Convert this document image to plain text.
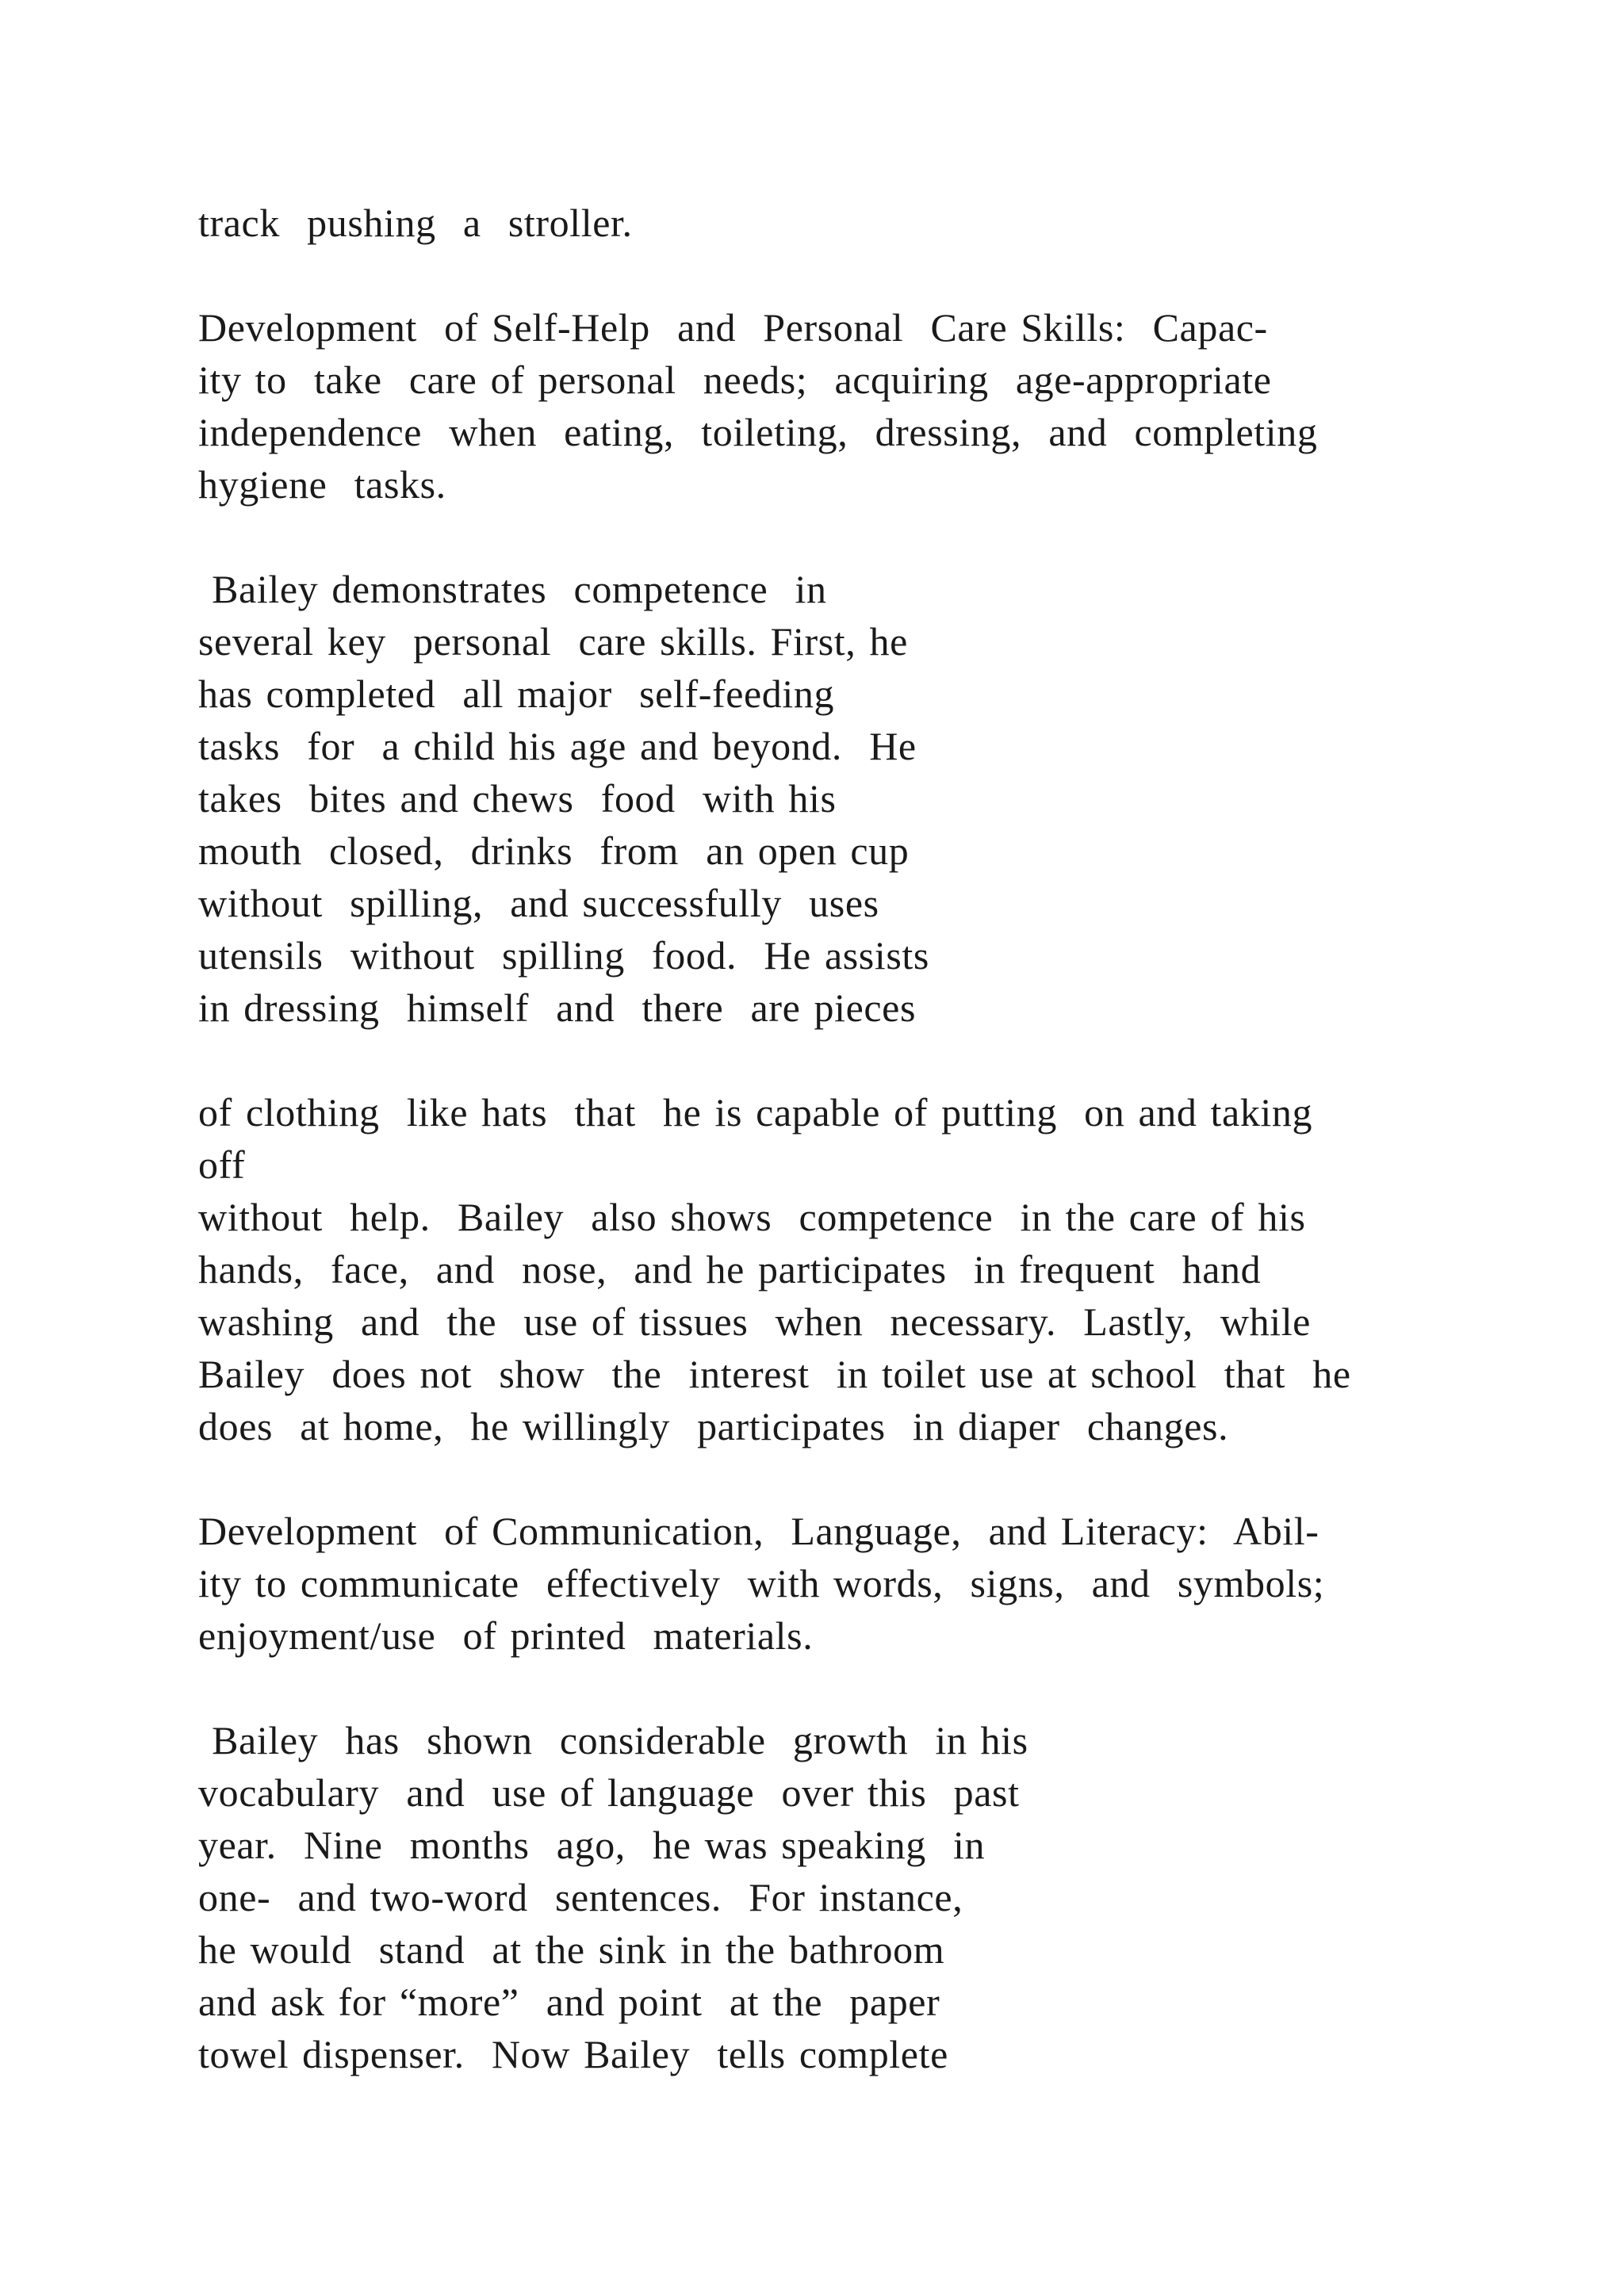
track  pushing  a  stroller.
Development  of Self-Help  and  Personal  Care Skills:  Capac-
ity to  take  care of personal  needs;  acquiring  age-appropriate
independence  when  eating,  toileting,  dressing,  and  completing
hygiene  tasks.
Bailey demonstrates  competence  in
several key  personal  care skills. First, he
has completed  all major  self-feeding
tasks  for  a child his age and beyond.  He
takes  bites and chews  food  with his
mouth  closed,  drinks  from  an open cup
without  spilling,  and successfully  uses
utensils  without  spilling  food.  He assists
in dressing  himself  and  there  are pieces
of clothing  like hats  that  he is capable of putting  on and taking
off
without  help.  Bailey  also shows  competence  in the care of his
hands,  face,  and  nose,  and he participates  in frequent  hand
washing  and  the  use of tissues  when  necessary.  Lastly,  while
Bailey  does not  show  the  interest  in toilet use at school  that  he
does  at home,  he willingly  participates  in diaper  changes.
Development  of Communication,  Language,  and Literacy:  Abil-
ity to communicate  effectively  with words,  signs,  and  symbols;
enjoyment/use  of printed  materials.
Bailey  has  shown  considerable  growth  in his
vocabulary  and  use of language  over this  past
year.  Nine  months  ago,  he was speaking  in
one-  and two-word  sentences.  For instance,
he would  stand  at the sink in the bathroom
and ask for “more”  and point  at the  paper
towel dispenser.  Now Bailey  tells complete
